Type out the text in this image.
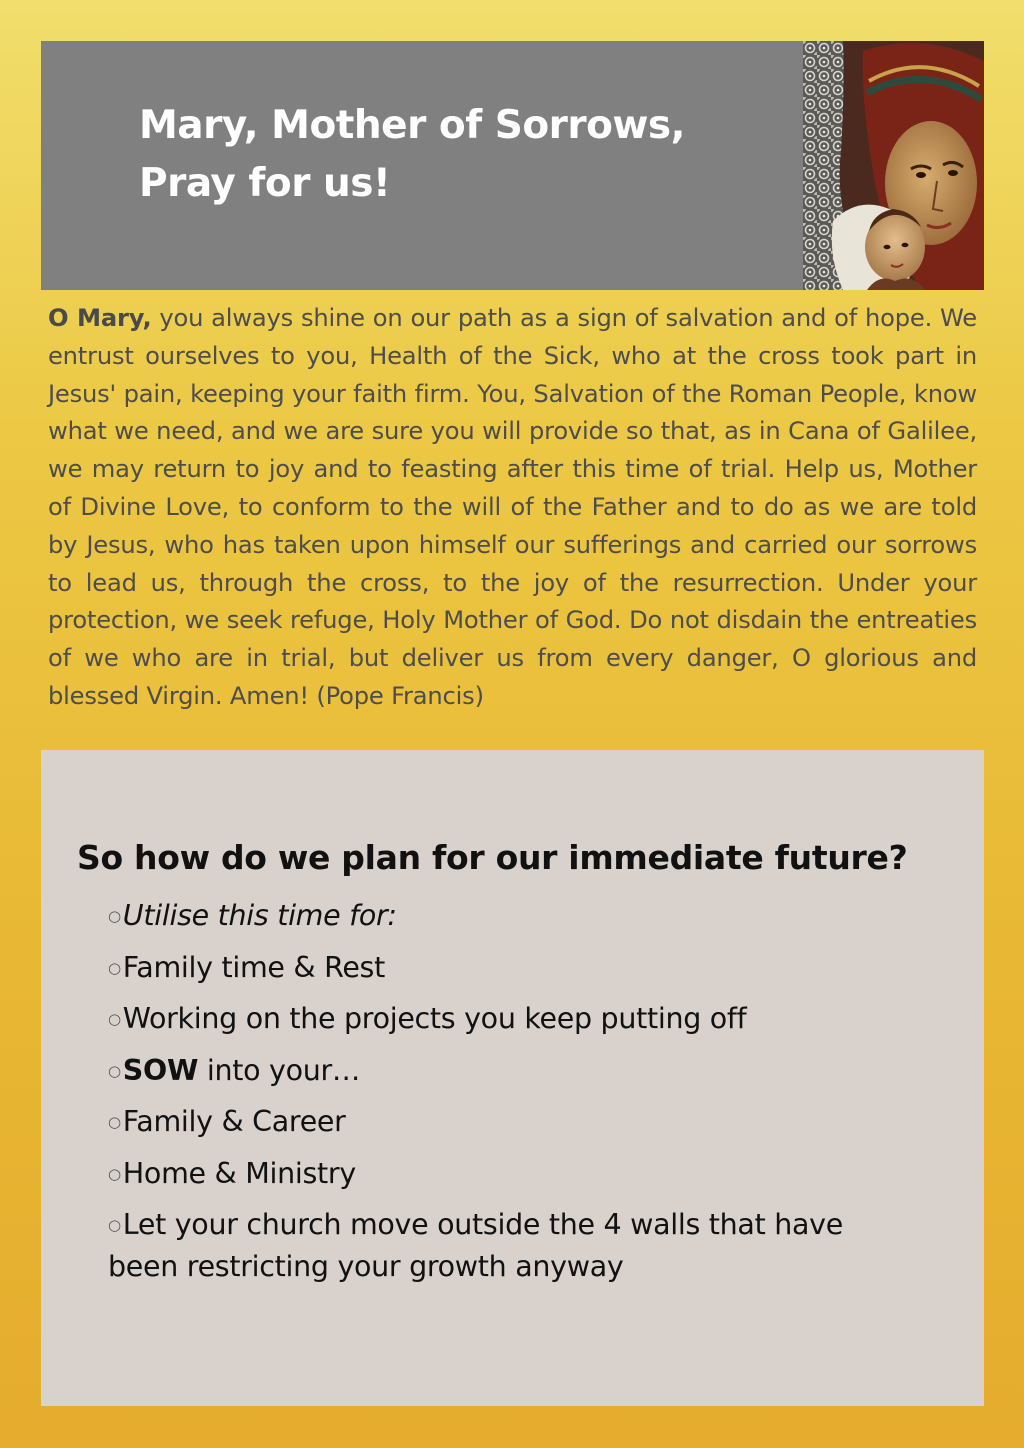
Mary, Mother of Sorrows,
Pray for us!

O Mary, you always shine on our path as a sign of salvation and of hope. We entrust ourselves to you, Health of the Sick, who at the cross took part in Jesus' pain, keeping your faith firm. You, Salvation of the Roman People, know what we need, and we are sure you will provide so that, as in Cana of Galilee, we may return to joy and to feasting after this time of trial. Help us, Mother of Divine Love, to conform to the will of the Father and to do as we are told by Jesus, who has taken upon himself our sufferings and carried our sorrows to lead us, through the cross, to the joy of the resurrection. Under your protection, we seek refuge, Holy Mother of God. Do not disdain the entreaties of we who are in trial, but deliver us from every danger, O glorious and blessed Virgin. Amen! (Pope Francis)

So how do we plan for our immediate future?
○Utilise this time for:
○Family time & Rest
○Working on the projects you keep putting off
○SOW into your…
○Family & Career
○Home & Ministry
○Let your church move outside the 4 walls that have been restricting your growth anyway
